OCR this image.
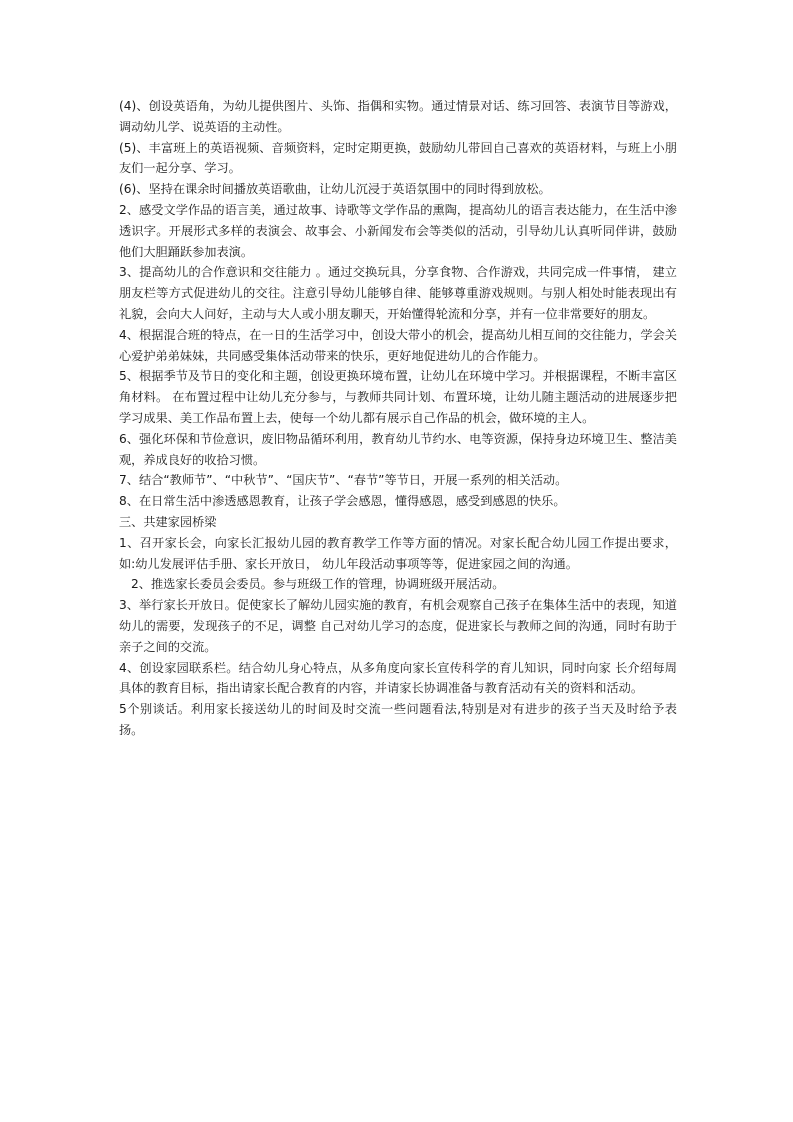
(4)、创设英语角，为幼儿提供图片、头饰、指偶和实物。通过情景对话、练习回答、表演节目等游戏，调动幼儿学、说英语的主动性。

(5)、丰富班上的英语视频、音频资料，定时定期更换，鼓励幼儿带回自己喜欢的英语材料，与班上小朋友们一起分享、学习。

(6)、坚持在课余时间播放英语歌曲，让幼儿沉浸于英语氛围中的同时得到放松。

2、感受文学作品的语言美，通过故事、诗歌等文学作品的熏陶，提高幼儿的语言表达能力，在生活中渗透识字。开展形式多样的表演会、故事会、小新闻发布会等类似的活动，引导幼儿认真听同伴讲，鼓励他们大胆踊跃参加表演。

3、提高幼儿的合作意识和交往能力 。通过交换玩具，分享食物、合作游戏，共同完成一件事情， 建立朋友栏等方式促进幼儿的交往。注意引导幼儿能够自律、能够尊重游戏规则。与别人相处时能表现出有礼貌，会向大人问好，主动与大人或小朋友聊天，开始懂得轮流和分享，并有一位非常要好的朋友。

4、根据混合班的特点，在一日的生活学习中，创设大带小的机会，提高幼儿相互间的交往能力，学会关心爱护弟弟妹妹，共同感受集体活动带来的快乐，更好地促进幼儿的合作能力。

5、根据季节及节日的变化和主题，创设更换环境布置，让幼儿在环境中学习。并根据课程，不断丰富区角材料。 在布置过程中让幼儿充分参与，与教师共同计划、布置环境，让幼儿随主题活动的进展逐步把学习成果、美工作品布置上去，使每一个幼儿都有展示自己作品的机会，做环境的主人。

6、强化环保和节俭意识，废旧物品循环利用，教育幼儿节约水、电等资源，保持身边环境卫生、整洁美观，养成良好的收拾习惯。

7、结合“教师节”、“中秋节”、“国庆节”、“春节”等节日，开展一系列的相关活动。

8、在日常生活中渗透感恩教育，让孩子学会感恩，懂得感恩，感受到感恩的快乐。

三、共建家园桥梁

1、召开家长会，向家长汇报幼儿园的教育教学工作等方面的情况。对家长配合幼儿园工作提出要求，如:幼儿发展评估手册、家长开放日， 幼儿年段活动事项等等，促进家园之间的沟通。

2、推选家长委员会委员。参与班级工作的管理，协调班级开展活动。

3、举行家长开放日。促使家长了解幼儿园实施的教育，有机会观察自己孩子在集体生活中的表现，知道幼儿的需要，发现孩子的不足，调整 自己对幼儿学习的态度，促进家长与教师之间的沟通，同时有助于亲子之间的交流。

4、创设家园联系栏。结合幼儿身心特点，从多角度向家长宣传科学的育儿知识，同时向家 长介绍每周具体的教育目标，指出请家长配合教育的内容，并请家长协调准备与教育活动有关的资料和活动。

5个别谈话。利用家长接送幼儿的时间及时交流一些问题看法,特别是对有进步的孩子当天及时给予表扬。
